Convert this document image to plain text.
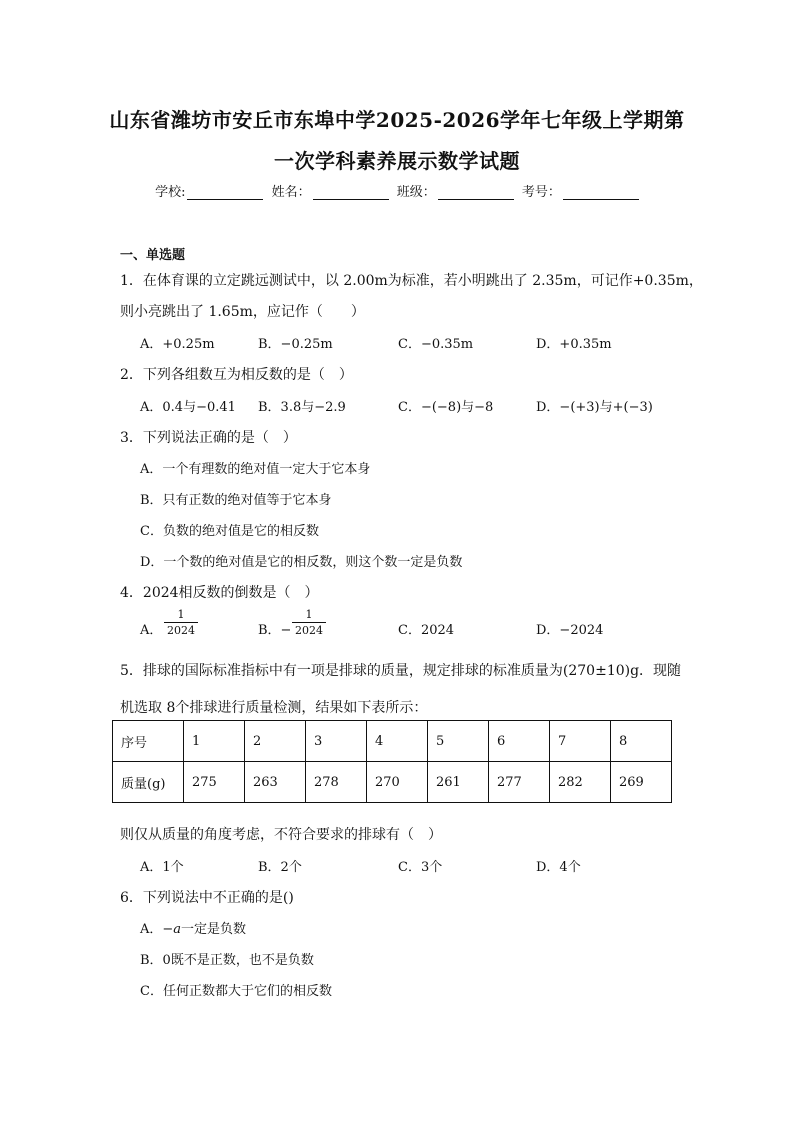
山东省潍坊市安丘市东埠中学2025-2026学年七年级上学期第
一次学科素养展示数学试题
学校:	姓名：	班级：	考号：
一、单选题
1．在体育课的立定跳远测试中，以 2.00m为标准，若小明跳出了 2.35m，可记作+0.35m，
则小亮跳出了 1.65m，应记作（　　）
A．+0.25m	B．−0.25m	C．−0.35m	D．+0.35m
2．下列各组数互为相反数的是（　）
A．0.4与−0.41 B．3.8与−2.9	C．−(−8)与−8	D．−(+3)与+(−3)
3．下列说法正确的是（　）
A．一个有理数的绝对值一定大于它本身
B．只有正数的绝对值等于它本身
C．负数的绝对值是它的相反数
D．一个数的绝对值是它的相反数，则这个数一定是负数
4．2024相反数的倒数是（　）
A． $\frac{1}{2024}$	B．− $\frac{1}{2024}$	C．2024	D．−2024
5．排球的国际标准指标中有一项是排球的质量，规定排球的标准质量为(270±10)g．现随
机选取 8个排球进行质量检测，结果如下表所示：
序号	1	2	3	4	5	6	7	8
质量(g)	275	263	278	270	261	277	282	269
则仅从质量的角度考虑，不符合要求的排球有（　）
A．1个	B．2个	C．3个	D．4个
6．下列说法中不正确的是()
A．−a一定是负数
B．0既不是正数，也不是负数
C．任何正数都大于它们的相反数
